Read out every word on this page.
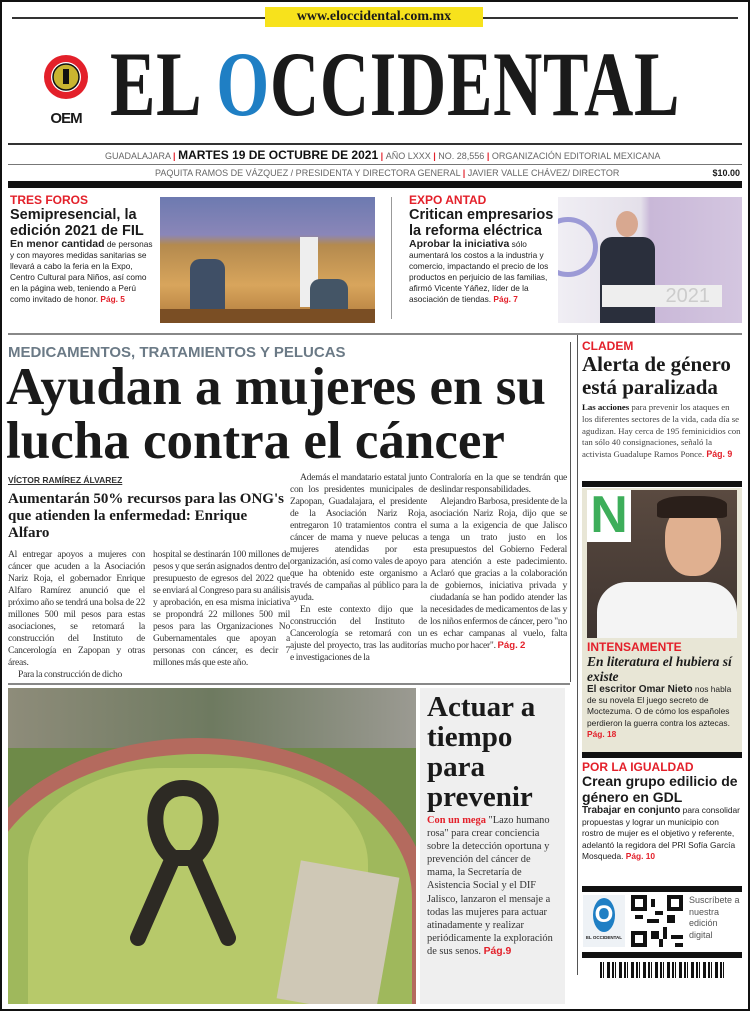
www.eloccidental.com.mx
OEM EL OCCIDENTAL
GUADALAJARA | MARTES 19 DE OCTUBRE DE 2021 | AÑO LXXX | NO. 28,556 | ORGANIZACIÓN EDITORIAL MEXICANA
PAQUITA RAMOS DE VÁZQUEZ / PRESIDENTA Y DIRECTORA GENERAL | JAVIER VALLE CHÁVEZ/ DIRECTOR	$10.00
TRES FOROS
Semipresencial, la edición 2021 de FIL
En menor cantidad de personas y con mayores medidas sanitarias se llevará a cabo la feria en la Expo, Centro Cultural para Niños, así como en la página web, teniendo a Perú como invitado de honor. Pág. 5
EXPO ANTAD
Critican empresarios la reforma eléctrica
Aprobar la iniciativa sólo aumentará los costos a la industria y comercio, impactando el precio de los productos en perjuicio de las familias, afirmó Vicente Yáñez, líder de la asociación de tiendas. Pág. 7	2021
MEDICAMENTOS, TRATAMIENTOS Y PELUCAS
Ayudan a mujeres en su
lucha contra el cáncer
VÍCTOR RAMÍREZ ÁLVAREZ
Aumentarán 50% recursos para las ONG's que atienden la enfermedad: Enrique Alfaro

Al entregar apoyos a mujeres con cáncer que acuden a la Asociación Nariz Roja, el gobernador Enrique Alfaro Ramírez anunció que el próximo año se tendrá una bolsa de 22 millones 500 mil pesos para estas asociaciones, se retomará la construcción del Instituto de Cancerología en Zapopan y otras áreas.

Para la construcción de dicho

hospital se destinarán 100 millones de pesos y que serán asignados dentro del presupuesto de egresos del 2022 que se enviará al Congreso para su análisis y aprobación, en esa misma iniciativa se propondrá 22 millones 500 mil pesos para las Organizaciones No Gubernamentales que apoyan a personas con cáncer, es decir 7 millones más que este año.

Además el mandatario estatal junto con los presidentes municipales de Zapopan, Guadalajara, el presidente de la Asociación Nariz Roja, entregaron 10 tratamientos contra el cáncer de mama y nueve pelucas a mujeres atendidas por esta organización, así como vales de apoyo que ha obtenido este organismo a través de campañas al público para la ayuda.

En este contexto dijo que la construcción del Instituto de Cancerología se retomará con un ajuste del proyecto, tras las auditorías e investigaciones de la

Contraloría en la que se tendrán que deslindar responsabilidades.

Alejandro Barbosa, presidente de la asociación Nariz Roja, dijo que se suma a la exigencia de que Jalisco tenga un trato justo en los presupuestos del Gobierno Federal para atención a este padecimiento. Aclaró que gracias a la colaboración de gobiernos, iniciativa privada y ciudadanía se han podido atender las necesidades de medicamentos de las y los niños enfermos de cáncer, pero "no es echar campanas al vuelo, falta mucho por hacer". Pág. 2

Actuar a tiempo para prevenir
Con un mega "Lazo humano rosa" para crear conciencia sobre la detección oportuna y prevención del cáncer de mama, la Secretaría de Asistencia Social y el DIF Jalisco, lanzaron el mensaje a todas las mujeres para actuar atinadamente y realizar periódicamente la exploración de sus senos. Pág.9
CLADEM
Alerta de género está paralizada
Las acciones para prevenir los ataques en los diferentes sectores de la vida, cada día se agudizan. Hay cerca de 195 feminicidios con tan sólo 40 consignaciones, señaló la activista Guadalupe Ramos Ponce. Pág. 9
N
INTENSAMENTE
En literatura el hubiera sí existe
El escritor Omar Nieto nos habla de su novela El juego secreto de Moctezuma. O de cómo los españoles perdieron la guerra contra los aztecas. Pág. 18
POR LA IGUALDAD
Crean grupo edilicio de género en GDL
Trabajar en conjunto para consolidar propuestas y lograr un municipio con rostro de mujer es el objetivo y referente, adelantó la regidora del PRI Sofía García Mosqueda. Pág. 10
O
EL OCCIDENTAL
Suscríbete a nuestra edición digital
